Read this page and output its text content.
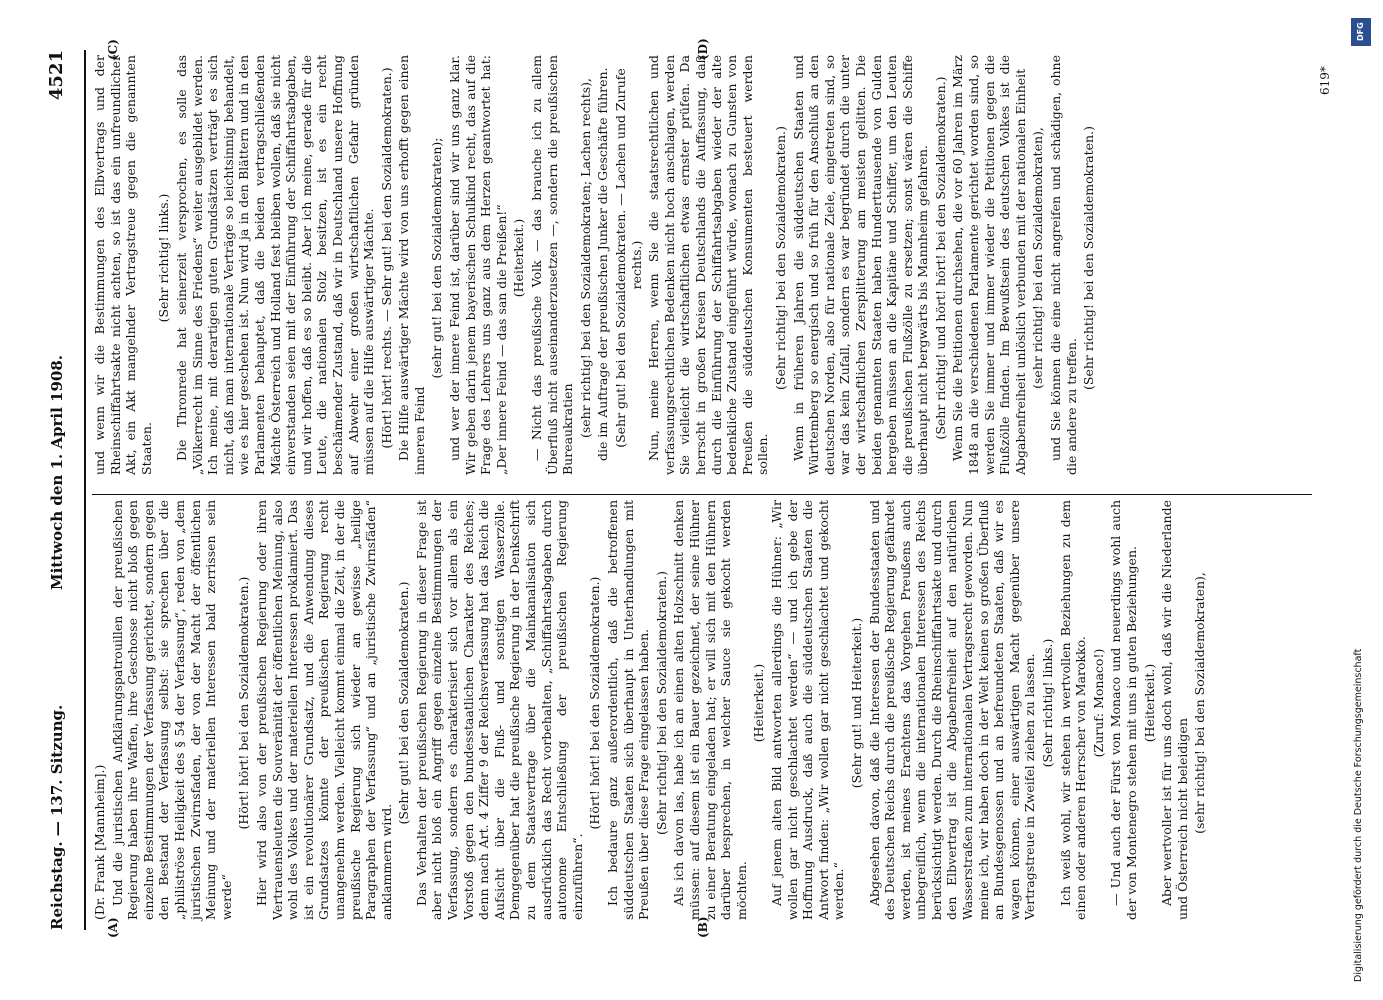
Reichstag. — 137. Sitzung.
Mittwoch den 1. April 1908.
4521
(A)	(B)
(C)	(D)

(Dr. Frank [Mannheim].) Und die juristischen Aufklärungspatrouillen der preußischen Regierung haben ihre Waffen, ihre Geschosse nicht bloß gegen einzelne Bestimmungen der Verfassung gerichtet, sondern gegen den Bestand der Verfassung selbst: sie sprechen über die „philiströse Heiligkeit des § 54 der Verfassung“, reden von „dem juristischen Zwirnsfaden, der von der Macht der öffentlichen Meinung und der materiellen Interessen bald zerrissen sein werde“

(Hört! hört! bei den Sozialdemokraten.) Hier wird also von der preußischen Regierung oder ihren Vertrauensleuten die Souveränität der öffentlichen Meinung, also wohl des Volkes und der materiellen Interessen proklamiert. Das ist ein revolutionärer Grundsatz, und die Anwendung dieses Grundsatzes könnte der preußischen Regierung recht unangenehm werden. Vielleicht kommt einmal die Zeit, in der die preußische Regierung sich wieder an gewisse „heilige Paragraphen der Verfassung“ und an „juristische Zwirnsfäden“ anklammern wird.

(Sehr gut! bei den Sozialdemokraten.) Das Verhalten der preußischen Regierung in dieser Frage ist aber nicht bloß ein Angriff gegen einzelne Bestimmungen der Verfassung, sondern es charakterisiert sich vor allem als ein Vorstoß gegen den bundesstaatlichen Charakter des Reiches; denn nach Art. 4 Ziffer 9 der Reichsverfassung hat das Reich die Aufsicht über die Fluß- und sonstigen Wasserzölle. Demgegenüber hat die preußische Regierung in der Denkschrift zu dem Staatsvertrage über die Mainkanalisation sich ausdrücklich das Recht vorbehalten, „Schiffahrtsabgaben durch autonome Entschließung der preußischen Regierung einzuführen“.

(Hört! hört! bei den Sozialdemokraten.) Ich bedaure ganz außerordentlich, daß die betroffenen süddeutschen Staaten sich überhaupt in Unterhandlungen mit Preußen über diese Frage eingelassen haben. (Sehr richtig! bei den Sozialdemokraten.) Als ich davon las, habe ich an einen alten Holzschnitt denken müssen: auf diesem ist ein Bauer gezeichnet, der seine Hühner zu einer Beratung eingeladen hat; er will sich mit den Hühnern darüber besprechen, in welcher Sauce sie gekocht werden möchten.

(Heiterkeit.) Auf jenem alten Bild antworten allerdings die Hühner: „Wir wollen gar nicht geschlachtet werden“ — und ich gebe der Hoffnung Ausdruck, daß auch die süddeutschen Staaten die Antwort finden: „Wir wollen gar nicht geschlachtet und gekocht werden.“

(Sehr gut! und Heiterkeit.) Abgesehen davon, daß die Interessen der Bundesstaaten und des Deutschen Reichs durch die preußische Regierung gefährdet werden, ist meines Erachtens das Vorgehen Preußens auch unbegreiflich, wenn die internationalen Interessen des Reichs berücksichtigt werden. Durch die Rheinschiffahrtsakte und durch den Elbvertrag ist die Abgabenfreiheit auf den natürlichen Wasserstraßen zum internationalen Vertragsrecht geworden. Nun meine ich, wir haben doch in der Welt keinen so großen Überfluß an Bundesgenossen und an befreundeten Staaten, daß wir es wagen können, einer auswärtigen Macht gegenüber unsere Vertragstreue in Zweifel ziehen zu lassen. (Sehr richtig! links.) Ich weiß wohl, wir stehen in wertvollen Beziehungen zu dem einen oder anderen Herrscher von Marokko. (Zuruf: Monaco!) — Und auch der Fürst von Monaco und neuerdings wohl auch der von Montenegro stehen mit uns in guten Beziehungen. (Heiterkeit.) Aber wertvoller ist für uns doch wohl, daß wir die Niederlande und Österreich nicht beleidigen (sehr richtig! bei den Sozialdemokraten),

und wenn wir die Bestimmungen des Elbvertrags und der Rheinschiffahrtsakte nicht achten, so ist das ein unfreundlicher Akt, ein Akt mangelnder Vertragstreue gegen die genannten Staaten.

(Sehr richtig! links.) Die Thronrede hat seinerzeit versprochen, es solle das „Völkerrecht im Sinne des Friedens“ weiter ausgebildet werden. Ich meine, mit derartigen guten Grundsätzen verträgt es sich nicht, daß man internationale Verträge so leichtsinnig behandelt, wie es hier geschehen ist. Nun wird ja in den Blättern und in den Parlamenten behauptet, daß die beiden vertragschließenden Mächte Österreich und Holland fest bleiben wollen, daß sie nicht einverstanden seien mit der Einführung der Schiffahrtsabgaben, und wir hoffen, daß es so bleibt. Aber ich meine, gerade für die Leute, die nationalen Stolz besitzen, ist es ein recht beschämender Zustand, daß wir in Deutschland unsere Hoffnung auf Abwehr einer großen wirtschaftlichen Gefahr gründen müssen auf die Hilfe auswärtiger Mächte. (Hört! hört! rechts. — Sehr gut! bei den Sozialdemokraten.) Die Hilfe auswärtiger Mächte wird von uns erhofft gegen einen inneren Feind

(sehr gut! bei den Sozialdemokraten); und wer der innere Feind ist, darüber sind wir uns ganz klar. Wir geben darin jenem bayerischen Schulkind recht, das auf die Frage des Lehrers uns ganz aus dem Herzen geantwortet hat: „Der innere Feind — das san die Preißen!“ (Heiterkeit.) — Nicht das preußische Volk — das brauche ich zu allem Überfluß nicht auseinanderzusetzen —, sondern die preußischen Bureaukratien (sehr richtig! bei den Sozialdemokraten; Lachen rechts), die im Auftrage der preußischen Junker die Geschäfte führen. (Sehr gut! bei den Sozialdemokraten. — Lachen und Zurufe rechts.) Nun, meine Herren, wenn Sie die staatsrechtlichen und verfassungsrechtlichen Bedenken nicht hoch anschlagen, werden Sie vielleicht die wirtschaftlichen etwas ernster prüfen. Da herrscht in großen Kreisen Deutschlands die Auffassung, daß durch die Einführung der Schiffahrtsabgaben wieder der alte bedenkliche Zustand eingeführt würde, wonach zu Gunsten von Preußen die süddeutschen Konsumenten besteuert werden sollen.

(Sehr richtig! bei den Sozialdemokraten.) Wenn in früheren Jahren die süddeutschen Staaten und Württemberg so energisch und so früh für den Anschluß an den deutschen Norden, also für nationale Ziele, eingetreten sind, so war das kein Zufall, sondern es war begründet durch die unter der wirtschaftlichen Zersplitterung am meisten gelitten. Die beiden genannten Staaten haben Hunderttausende von Gulden hergeben müssen an die Kapitäne und Schiffer, um den Leuten die preußischen Flußzölle zu ersetzen; sonst wären die Schiffe überhaupt nicht bergwärts bis Mannheim gefahren. (Sehr richtig! und hört! hört! bei den Sozialdemokraten.) Wenn Sie die Petitionen durchsehen, die vor 60 Jahren im März 1848 an die verschiedenen Parlamente gerichtet worden sind, so werden Sie immer und immer wieder die Petitionen gegen die Flußzölle finden. Im Bewußtsein des deutschen Volkes ist die Abgabenfreiheit unlöslich verbunden mit der nationalen Einheit (sehr richtig! bei den Sozialdemokraten), und Sie können die eine nicht angreifen und schädigen, ohne die andere zu treffen.

(Sehr richtig! bei den Sozialdemokraten.)

619*
DFG
Digitalisierung gefördert durch die Deutsche Forschungsgemeinschaft
